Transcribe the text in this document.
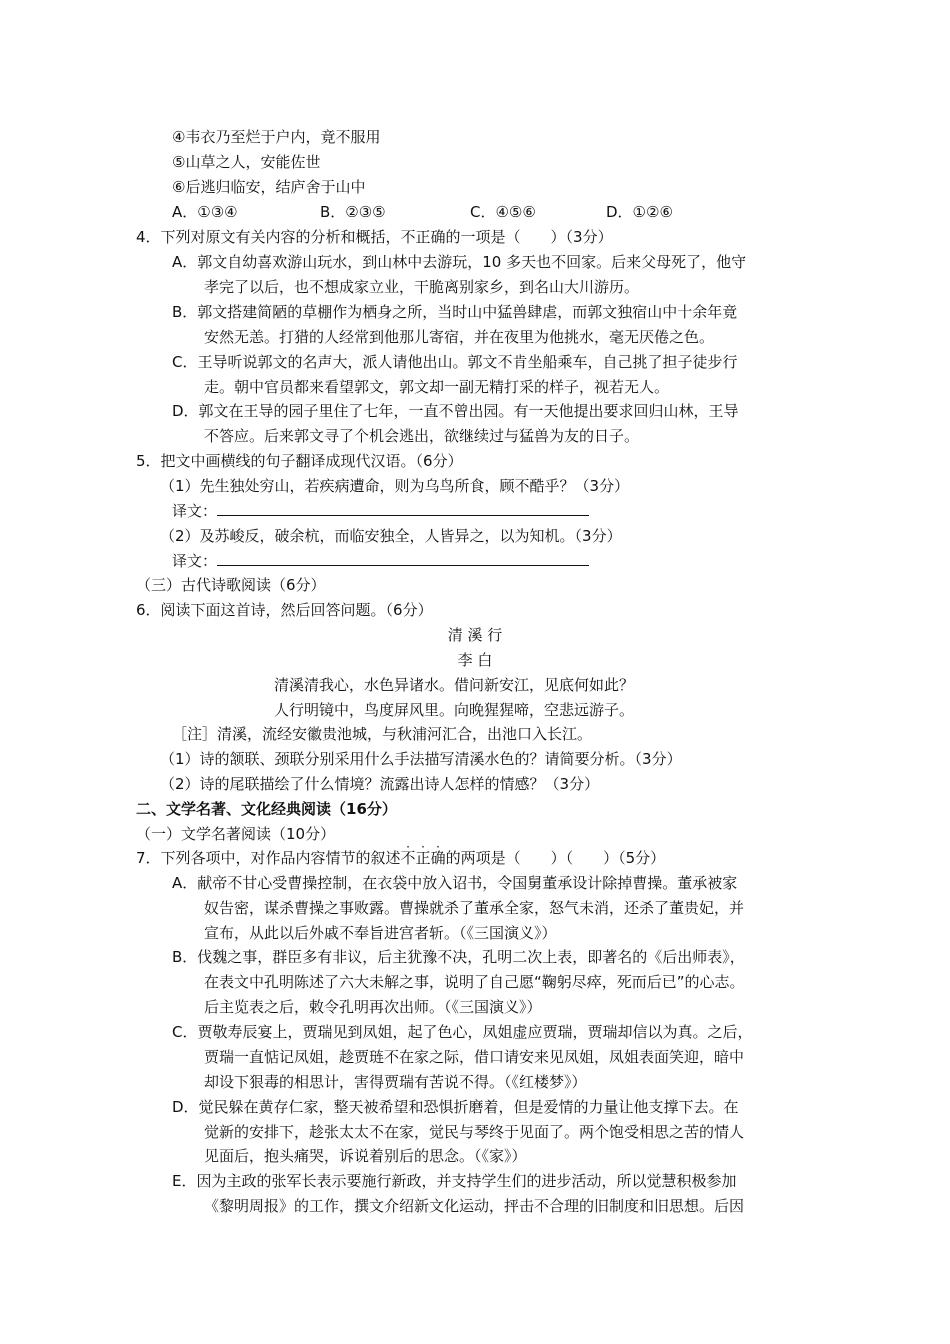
④韦衣乃至烂于户内，竟不服用
⑤山草之人，安能佐世
⑥后逃归临安，结庐舍于山中
A．①③④	B．②③⑤	C．④⑤⑥	D．①②⑥
4．下列对原文有关内容的分析和概括，不正确的一项是（　　）（3分）
A．郭文自幼喜欢游山玩水，到山林中去游玩，10 多天也不回家。后来父母死了，他守
孝完了以后，也不想成家立业，干脆离别家乡，到名山大川游历。
B．郭文搭建简陋的草棚作为栖身之所，当时山中猛兽肆虐，而郭文独宿山中十余年竟
安然无恙。打猎的人经常到他那儿寄宿，并在夜里为他挑水，毫无厌倦之色。
C．王导听说郭文的名声大，派人请他出山。郭文不肯坐船乘车，自己挑了担子徒步行
走。朝中官员都来看望郭文，郭文却一副无精打采的样子，视若无人。
D．郭文在王导的园子里住了七年，一直不曾出园。有一天他提出要求回归山林，王导
不答应。后来郭文寻了个机会逃出，欲继续过与猛兽为友的日子。
5．把文中画横线的句子翻译成现代汉语。（6分）
（1）先生独处穷山，若疾病遭命，则为乌鸟所食，顾不酷乎？（3分）
译文：
（2）及苏峻反，破余杭，而临安独全，人皆异之，以为知机。（3分）
译文：
（三）古代诗歌阅读（6分）
6．阅读下面这首诗，然后回答问题。（6分）
清 溪 行
李 白
清溪清我心，水色异诸水。借问新安江，见底何如此？
人行明镜中，鸟度屏风里。向晚猩猩啼，空悲远游子。
［注］清溪，流经安徽贵池城，与秋浦河汇合，出池口入长江。
（1）诗的颔联、颈联分别采用什么手法描写清溪水色的？请简要分析。（3分）
（2）诗的尾联描绘了什么情境？流露出诗人怎样的情感？（3分）
二、文学名著、文化经典阅读（16分）
（一）文学名著阅读（10分）
7．下列各项中，对作品内容情节的叙述不正确的两项是（　　）（　　）（5分）
A．献帝不甘心受曹操控制，在衣袋中放入诏书，令国舅董承设计除掉曹操。董承被家
奴告密，谋杀曹操之事败露。曹操就杀了董承全家，怒气未消，还杀了董贵妃，并
宣布，从此以后外戚不奉旨进宫者斩。（《三国演义》）
B．伐魏之事，群臣多有非议，后主犹豫不决，孔明二次上表，即著名的《后出师表》，
在表文中孔明陈述了六大未解之事，说明了自己愿“鞠躬尽瘁，死而后已”的心志。
后主览表之后，敕令孔明再次出师。（《三国演义》）
C．贾敬寿辰宴上，贾瑞见到凤姐，起了色心，凤姐虚应贾瑞，贾瑞却信以为真。之后，
贾瑞一直惦记凤姐，趁贾琏不在家之际，借口请安来见凤姐，凤姐表面笑迎，暗中
却设下狠毒的相思计，害得贾瑞有苦说不得。（《红楼梦》）
D．觉民躲在黄存仁家，整天被希望和恐惧折磨着，但是爱情的力量让他支撑下去。在
觉新的安排下，趁张太太不在家，觉民与琴终于见面了。两个饱受相思之苦的情人
见面后，抱头痛哭，诉说着别后的思念。（《家》）
E．因为主政的张军长表示要施行新政，并支持学生们的进步活动，所以觉慧积极参加
《黎明周报》的工作，撰文介绍新文化运动，抨击不合理的旧制度和旧思想。后因
